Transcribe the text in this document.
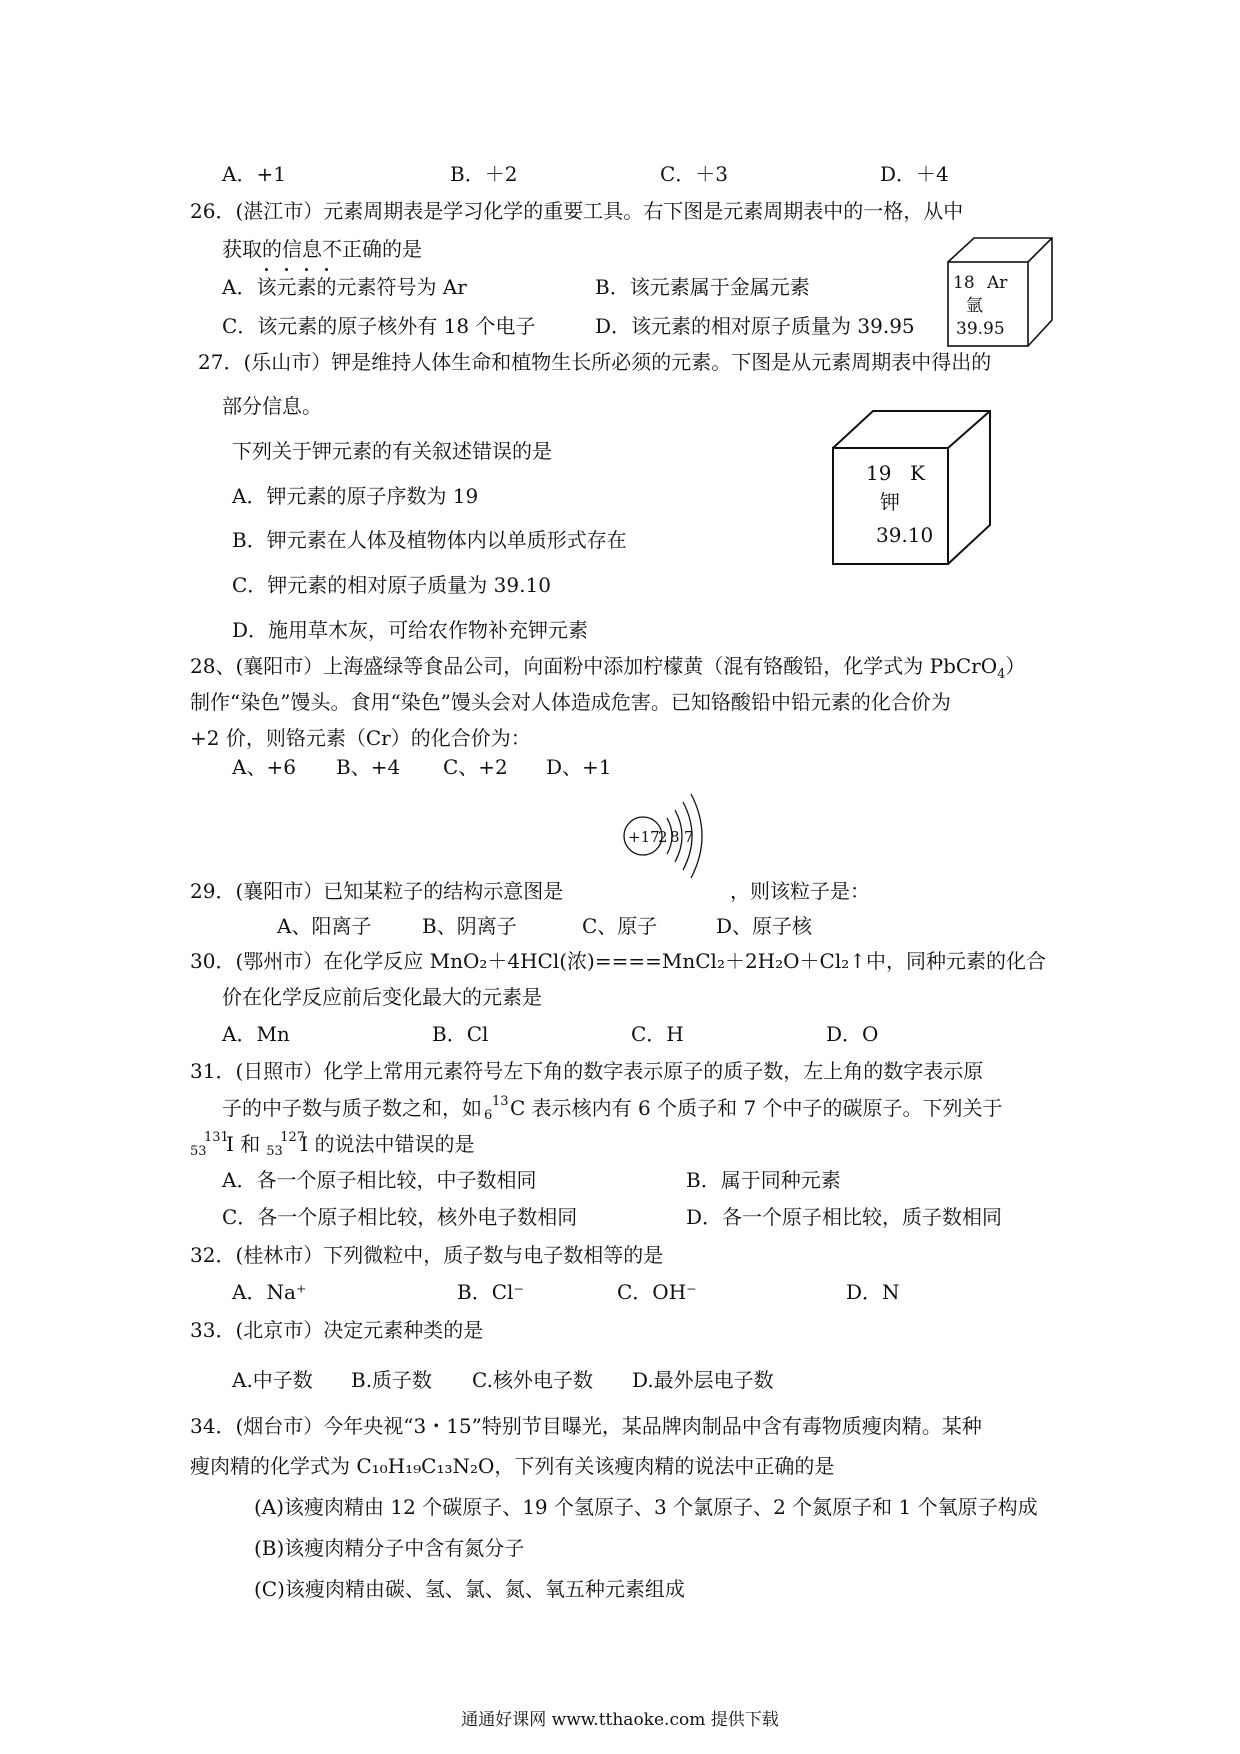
A．+1	B．＋2	C．＋3	D．＋4
26．(湛江市）元素周期表是学习化学的重要工具。右下图是元素周期表中的一格，从中
获取的信息不正确的是
A．该元素的元素符号为 Ar	B．该元素属于金属元素
C．该元素的原子核外有 18 个电子	D．该元素的相对原子质量为 39.95
18 Ar
氩
39.95
27．(乐山市）钾是维持人体生命和植物生长所必须的元素。下图是从元素周期表中得出的
部分信息。
下列关于钾元素的有关叙述错误的是
A．钾元素的原子序数为 19
B．钾元素在人体及植物体内以单质形式存在
C．钾元素的相对原子质量为 39.10
D．施用草木灰，可给农作物补充钾元素
19 K
钾
39.10
28、(襄阳市）上海盛绿等食品公司，向面粉中添加柠檬黄（混有铬酸铅，化学式为 PbCrO$_4$）
制作“染色”馒头。食用“染色”馒头会对人体造成危害。已知铬酸铅中铅元素的化合价为
+2 价，则铬元素（Cr）的化合价为：
A、+6 B、+4 C、+2 D、+1
+17
2 8 7
29．(襄阳市）已知某粒子的结构示意图是	，则该粒子是：
A、阳离子	B、阴离子	C、原子	D、原子核
30．(鄂州市）在化学反应 MnO₂＋4HCl(浓)====MnCl₂＋2H₂O＋Cl₂↑中，同种元素的化合
价在化学反应前后变化最大的元素是
A．Mn	B．Cl	C．H	D．O
31．(日照市）化学上常用元素符号左下角的数字表示原子的质子数，左上角的数字表示原
子的中子数与质子数之和，如 6
13 C 表示核内有 6 个质子和 7 个中子的碳原子。下列关于
53
131
I 和 53
127
I 的说法中错误的是
A．各一个原子相比较，中子数相同	B．属于同种元素
C．各一个原子相比较，核外电子数相同	D．各一个原子相比较，质子数相同
32．(桂林市）下列微粒中，质子数与电子数相等的是
A．Na⁺	B．Cl⁻	C．OH⁻	D．N
33．(北京市）决定元素种类的是
A.中子数 B.质子数 C.核外电子数 D.最外层电子数
34．(烟台市）今年央视“3・15”特别节目曝光，某品牌肉制品中含有毒物质瘦肉精。某种
瘦肉精的化学式为 C₁₀H₁₉C₁₃N₂O，下列有关该瘦肉精的说法中正确的是
(A)该瘦肉精由 12 个碳原子、19 个氢原子、3 个氯原子、2 个氮原子和 1 个氧原子构成
(B)该瘦肉精分子中含有氮分子
(C)该瘦肉精由碳、氢、氯、氮、氧五种元素组成
通通好课网 www.tthaoke.com 提供下载
